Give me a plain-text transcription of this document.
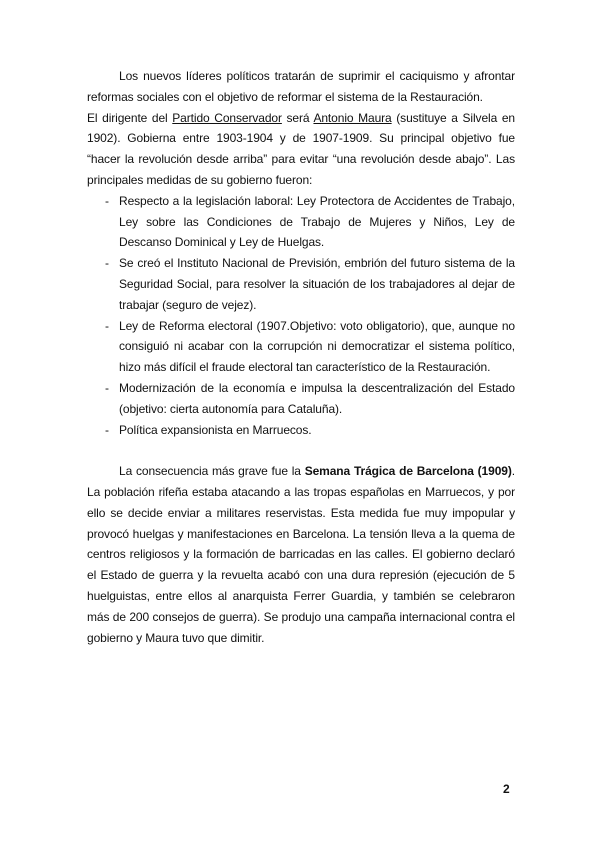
Los nuevos líderes políticos tratarán de suprimir el caciquismo y afrontar reformas sociales con el objetivo de reformar el sistema de la Restauración.

El dirigente del Partido Conservador será Antonio Maura (sustituye a Silvela en 1902). Gobierna entre 1903-1904 y de 1907-1909. Su principal objetivo fue “hacer la revolución desde arriba” para evitar “una revolución desde abajo”. Las principales medidas de su gobierno fueron:

- Respecto a la legislación laboral: Ley Protectora de Accidentes de Trabajo, Ley sobre las Condiciones de Trabajo de Mujeres y Niños, Ley de Descanso Dominical y Ley de Huelgas.
- Se creó el Instituto Nacional de Previsión, embrión del futuro sistema de la Seguridad Social, para resolver la situación de los trabajadores al dejar de trabajar (seguro de vejez).
- Ley de Reforma electoral (1907.Objetivo: voto obligatorio), que, aunque no consiguió ni acabar con la corrupción ni democratizar el sistema político, hizo más difícil el fraude electoral tan característico de la Restauración.
- Modernización de la economía e impulsa la descentralización del Estado (objetivo: cierta autonomía para Cataluña).
- Política expansionista en Marruecos.

La consecuencia más grave fue la Semana Trágica de Barcelona (1909). La población rifeña estaba atacando a las tropas españolas en Marruecos, y por ello se decide enviar a militares reservistas. Esta medida fue muy impopular y provocó huelgas y manifestaciones en Barcelona. La tensión lleva a la quema de centros religiosos y la formación de barricadas en las calles. El gobierno declaró el Estado de guerra y la revuelta acabó con una dura represión (ejecución de 5 huelguistas, entre ellos al anarquista Ferrer Guardia, y también se celebraron más de 200 consejos de guerra). Se produjo una campaña internacional contra el gobierno y Maura tuvo que dimitir.

2
